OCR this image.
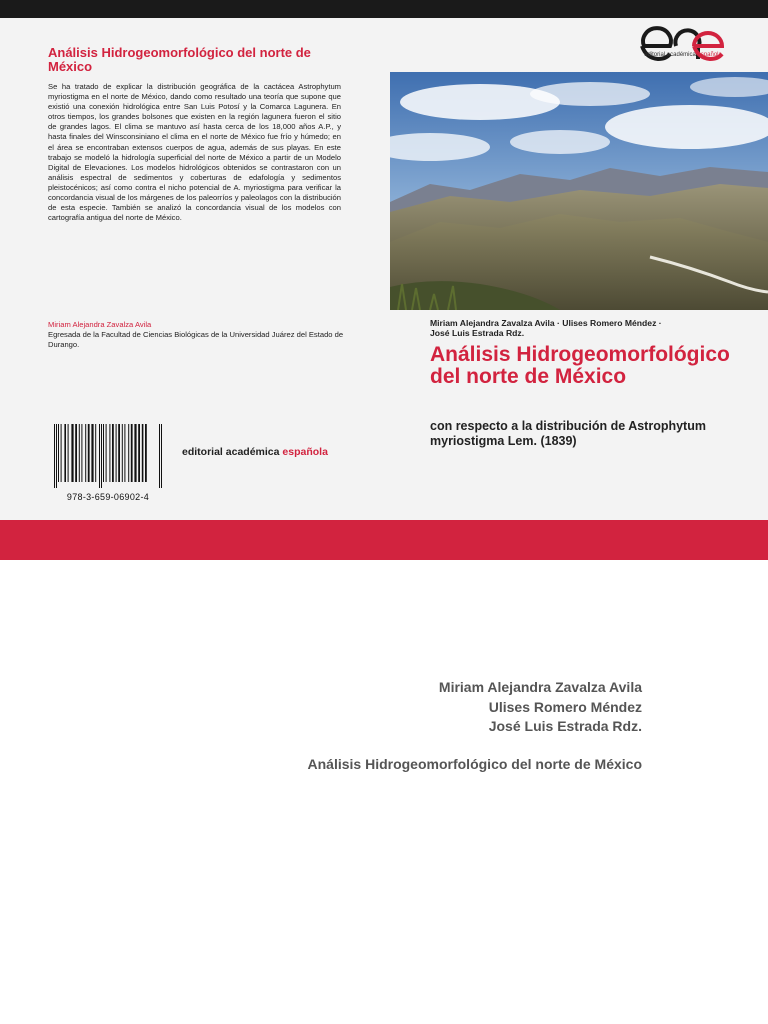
Análisis Hidrogeomorfológico del norte de México
Se ha tratado de explicar la distribución geográfica de la cactácea Astrophytum myriostigma en el norte de México, dando como resultado una teoría que supone que existió una conexión hidrológica entre San Luis Potosí y la Comarca Lagunera. En otros tiempos, los grandes bolsones que existen en la región lagunera fueron el sitio de grandes lagos. El clima se mantuvo así hasta cerca de los 18,000 años A.P., y hasta finales del Winsconsiniano el clima en el norte de México fue frío y húmedo; en el área se encontraban extensos cuerpos de agua, además de sus playas. En este trabajo se modeló la hidrología superficial del norte de México a partir de un Modelo Digital de Elevaciones. Los modelos hidrológicos obtenidos se contrastaron con un análisis espectral de sedimentos y coberturas de edafología y sedimentos pleistocénicos; así como contra el nicho potencial de A. myriostigma para verificar la concordancia visual de los márgenes de los paleorríos y paleolagos con la distribución de esta especie. También se analizó la concordancia visual de los modelos con cartografía antigua del norte de México.
Miriam Alejandra Zavalza Avila
Egresada de la Facultad de Ciencias Biológicas de la Universidad Juárez del Estado de Durango.
978-3-659-06902-4
editorial académica española
editorial académica española
Miriam Alejandra Zavalza Avila · Ulises Romero Méndez ·
José Luis Estrada Rdz.
Análisis Hidrogeomorfológico del norte de México
con respecto a la distribución de Astrophytum myriostigma Lem. (1839)
Miriam Alejandra Zavalza Avila
Ulises Romero Méndez
José Luis Estrada Rdz.
Análisis Hidrogeomorfológico del norte de México
